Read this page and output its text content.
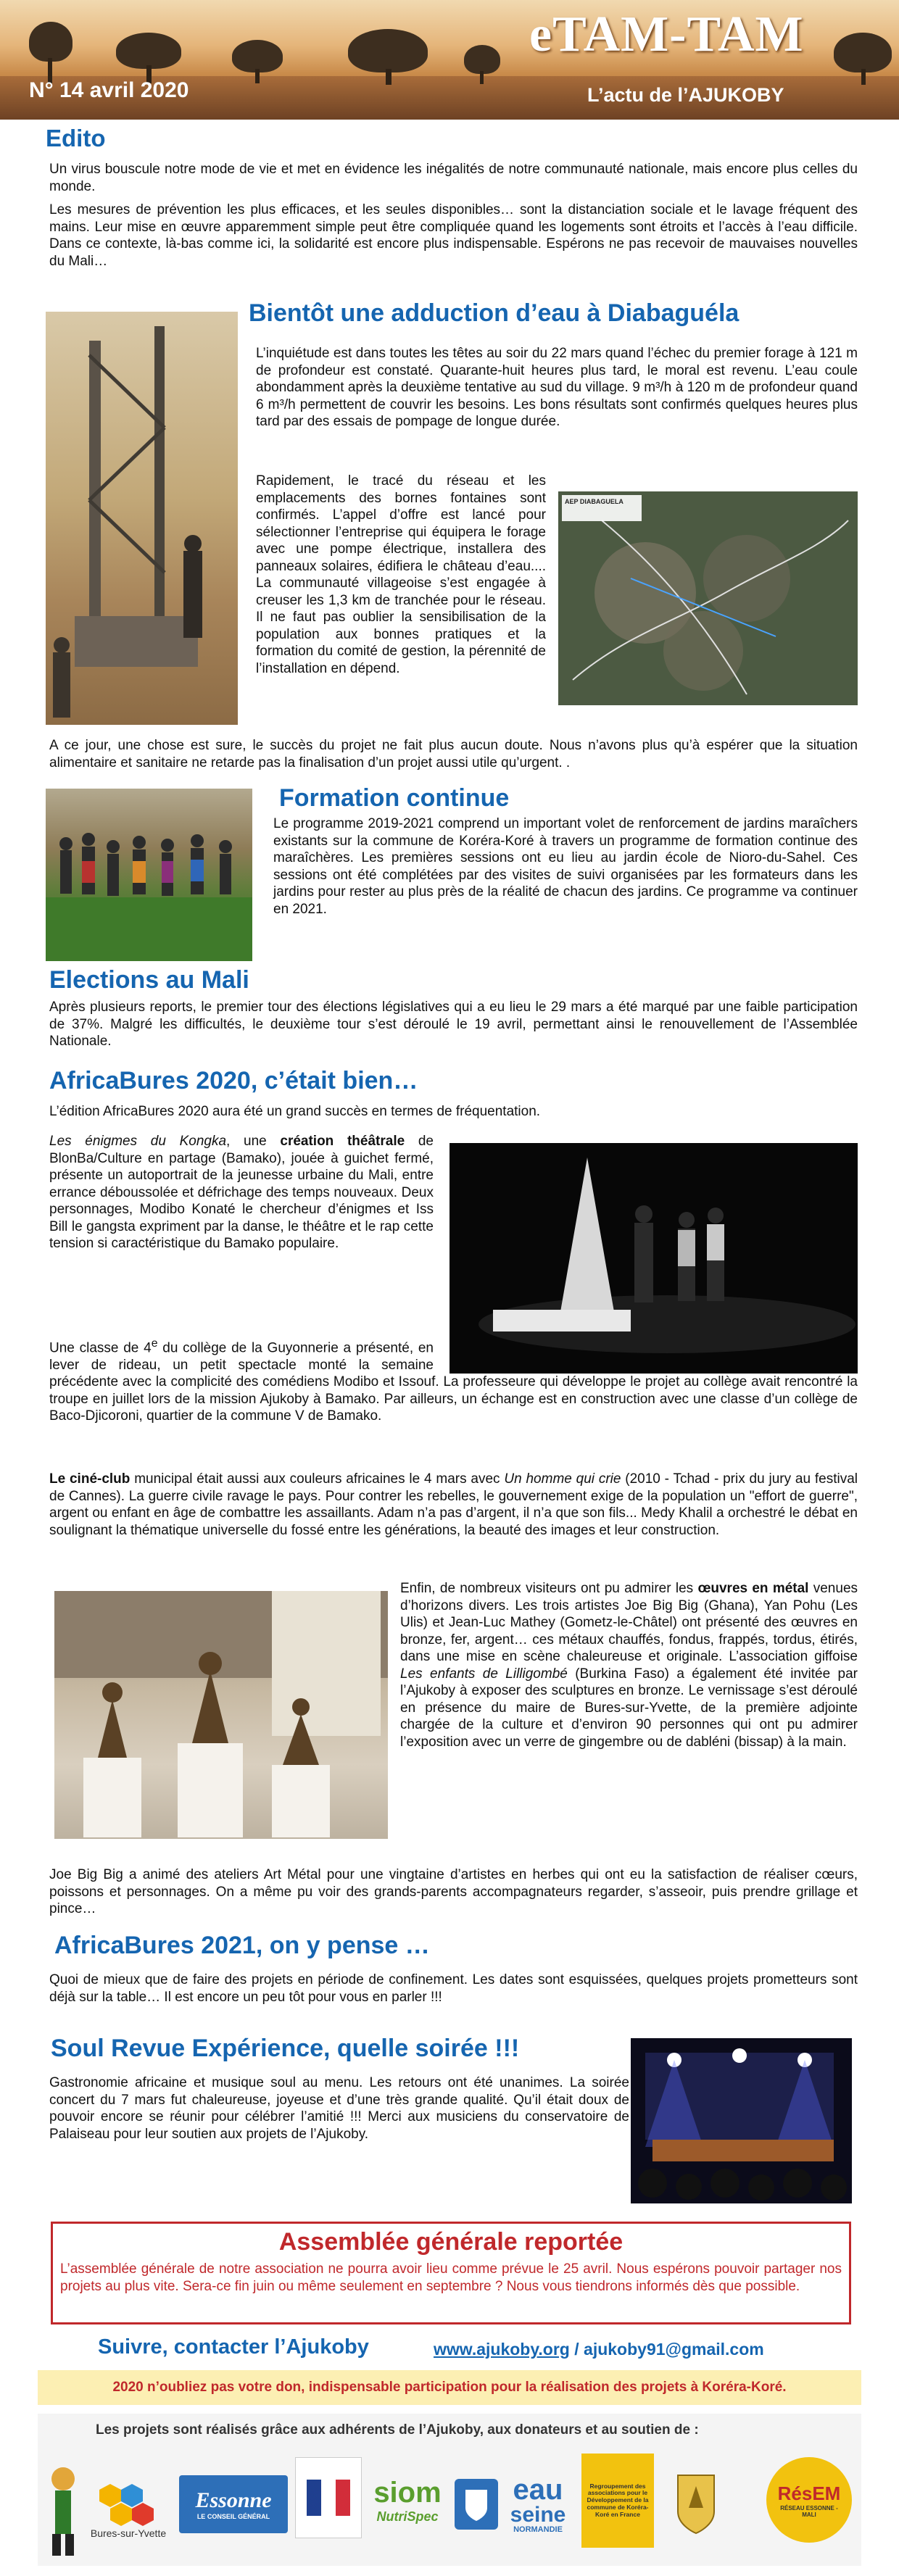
eTAM-TAM
N° 14 avril 2020	L’actu de l’AJUKOBY
Edito

Un virus bouscule notre mode de vie et met en évidence les inégalités de notre communauté nationale, mais encore plus celles du monde.

Les mesures de prévention les plus efficaces, et les seules disponibles… sont la distanciation sociale et le lavage fréquent des mains. Leur mise en œuvre apparemment simple peut être compliquée quand les logements sont étroits et l’accès à l’eau difficile. Dans ce contexte, là-bas comme ici, la solidarité est encore plus indispensable. Espérons ne pas recevoir de mauvaises nouvelles du Mali…

Bientôt une adduction d’eau à Diabaguéla
L’inquiétude est dans toutes les têtes au soir du 22 mars quand l’échec du premier forage à 121 m de profondeur est constaté. Quarante-huit heures plus tard, le moral est revenu. L’eau coule abondamment après la deuxième tentative au sud du village. 9 m³/h à 120 m de profondeur quand 6 m³/h permettent de couvrir les besoins. Les bons résultats sont confirmés quelques heures plus tard par des essais de pompage de longue durée.
Rapidement, le tracé du réseau et les emplacements des bornes fontaines sont confirmés. L’appel d’offre est lancé pour sélectionner l’entreprise qui équipera le forage avec une pompe électrique, installera des panneaux solaires, édifiera le château d’eau.... La communauté villageoise s’est engagée à creuser les 1,3 km de tranchée pour le réseau. Il ne faut pas oublier la sensibilisation de la population aux bonnes pratiques et la formation du comité de gestion, la pérennité de l’installation en dépend.
AEP DIABAGUELA
A ce jour, une chose est sure, le succès du projet ne fait plus aucun doute. Nous n’avons plus qu’à espérer que la situation alimentaire et sanitaire ne retarde pas la finalisation d’un projet aussi utile qu’urgent. .
Formation continue
Le programme 2019-2021 comprend un important volet de renforcement de jardins maraîchers existants sur la commune de Koréra-Koré à travers un programme de formation continue des maraîchères. Les premières sessions ont eu lieu au jardin école de Nioro-du-Sahel. Ces sessions ont été complétées par des visites de suivi organisées par les formateurs dans les jardins pour rester au plus près de la réalité de chacun des jardins. Ce programme va continuer en 2021.
Elections au Mali
Après plusieurs reports, le premier tour des élections législatives qui a eu lieu le 29 mars a été marqué par une faible participation de 37%. Malgré les difficultés, le deuxième tour s’est déroulé le 19 avril, permettant ainsi le renouvellement de l’Assemblée Nationale.
AfricaBures 2020, c’était bien…
L’édition AfricaBures 2020 aura été un grand succès en termes de fréquentation.
Les énigmes du Kongka, une création théâtrale de BlonBa/Culture en partage (Bamako), jouée à guichet fermé, présente un autoportrait de la jeunesse urbaine du Mali, entre errance déboussolée et défrichage des temps nouveaux. Deux personnages, Modibo Konaté le chercheur d’énigmes et Iss Bill le gangsta expriment par la danse, le théâtre et le rap cette tension si caractéristique du Bamako populaire.
Une classe de 4e du collège de la Guyonnerie a présenté, en lever de rideau, un petit spectacle monté la semaine précédente avec la complicité des comédiens Modibo et Issouf. La professeure qui développe le projet au collège avait rencontré la troupe en juillet lors de la mission Ajukoby à Bamako. Par ailleurs, un échange est en construction avec une classe d’un collège de Baco-Djicoroni, quartier de la commune V de Bamako.
Le ciné-club municipal était aussi aux couleurs africaines le 4 mars avec Un homme qui crie (2010 - Tchad - prix du jury au festival de Cannes). La guerre civile ravage le pays. Pour contrer les rebelles, le gouvernement exige de la population un "effort de guerre", argent ou enfant en âge de combattre les assaillants. Adam n’a pas d’argent, il n’a que son fils... Medy Khalil a orchestré le débat en soulignant la thématique universelle du fossé entre les générations, la beauté des images et leur construction.
Enfin, de nombreux visiteurs ont pu admirer les œuvres en métal venues d’horizons divers. Les trois artistes Joe Big Big (Ghana), Yan Pohu (Les Ulis) et Jean-Luc Mathey (Gometz-le-Châtel) ont présenté des œuvres en bronze, fer, argent… ces métaux chauffés, fondus, frappés, tordus, étirés, dans une mise en scène chaleureuse et originale. L’association giffoise Les enfants de Lilligombé (Burkina Faso) a également été invitée par l’Ajukoby à exposer des sculptures en bronze. Le vernissage s’est déroulé en présence du maire de Bures-sur-Yvette, de la première adjointe chargée de la culture et d’environ 90 personnes qui ont pu admirer l’exposition avec un verre de gingembre ou de dabléni (bissap) à la main.
Joe Big Big a animé des ateliers Art Métal pour une vingtaine d’artistes en herbes qui ont eu la satisfaction de réaliser cœurs, poissons et personnages. On a même pu voir des grands-parents accompagnateurs regarder, s’asseoir, puis prendre grillage et pince…
AfricaBures 2021, on y pense …
Quoi de mieux que de faire des projets en période de confinement. Les dates sont esquissées, quelques projets prometteurs sont déjà sur la table… Il est encore un peu tôt pour vous en parler !!!
Soul Revue Expérience, quelle soirée !!!
Gastronomie africaine et musique soul au menu. Les retours ont été unanimes. La soirée concert du 7 mars fut chaleureuse, joyeuse et d’une très grande qualité. Qu’il était doux de pouvoir encore se réunir pour célébrer l’amitié !!! Merci aux musiciens du conservatoire de Palaiseau pour leur soutien aux projets de l’Ajukoby.
Assemblée générale reportée
L’assemblée générale de notre association ne pourra avoir lieu comme prévue le 25 avril. Nous espérons pouvoir partager nos projets au plus vite. Sera-ce fin juin ou même seulement en septembre ? Nous vous tiendrons informés dès que possible.
Suivre, contacter l’Ajukoby	www.ajukoby.org / ajukoby91@gmail.com
2020 n’oubliez pas votre don, indispensable participation pour la réalisation des projets à Koréra-Koré.
Les projets sont réalisés grâce aux adhérents de l’Ajukoby, aux donateurs et au soutien de :
Bures-sur-Yvette
Essonne
LE CONSEIL GÉNÉRAL
siom
NutriSpec
eau
seine
NORMANDIE
Regroupement des associations pour le Développement de la commune de Koréra-Koré en France
RésEM
RÉSEAU ESSONNE - MALI
